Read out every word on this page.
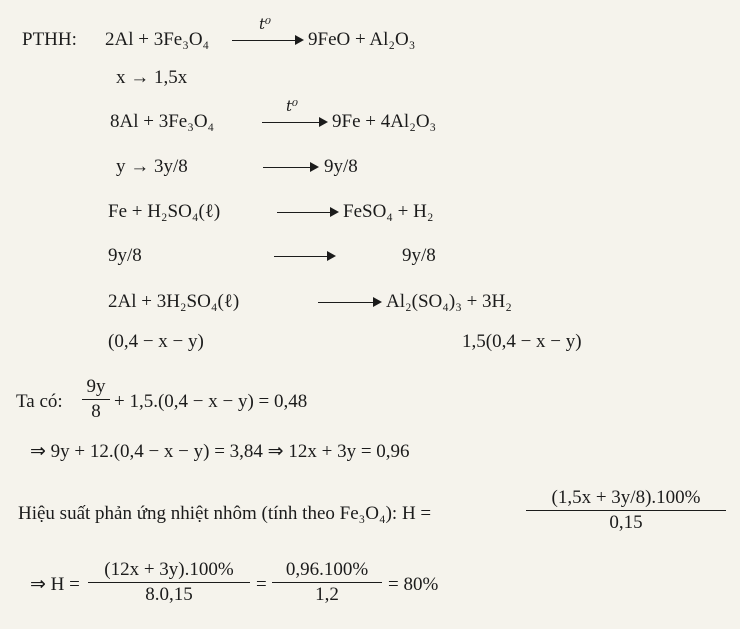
PTHH: 2Al + 3Fe₃O₄
t⁰
9FeO + Al₂O₃
x → 1,5x
8Al + 3Fe₃O₄
t⁰
9Fe + 4Al₂O₃
y → 3y/8	9y/8
Fe + H₂SO₄(ℓ)	FeSO₄ + H₂
9y/8	9y/8
2Al + 3H₂SO₄(ℓ)	Al₂(SO₄)₃ + 3H₂
(0,4 − x − y)	1,5(0,4 − x − y)
Ta có:
9y
8 + 1,5.(0,4 − x − y) = 0,48
⇒ 9y + 12.(0,4 − x − y) = 3,84 ⇒ 12x + 3y = 0,96
Hiệu suất phản ứng nhiệt nhôm (tính theo Fe₃O₄): H =
(1,5x + 3y/8).100%
0,15
⇒ H =
(12x + 3y).100%
8.0,15	=
0,96.100%
1,2	= 80%
